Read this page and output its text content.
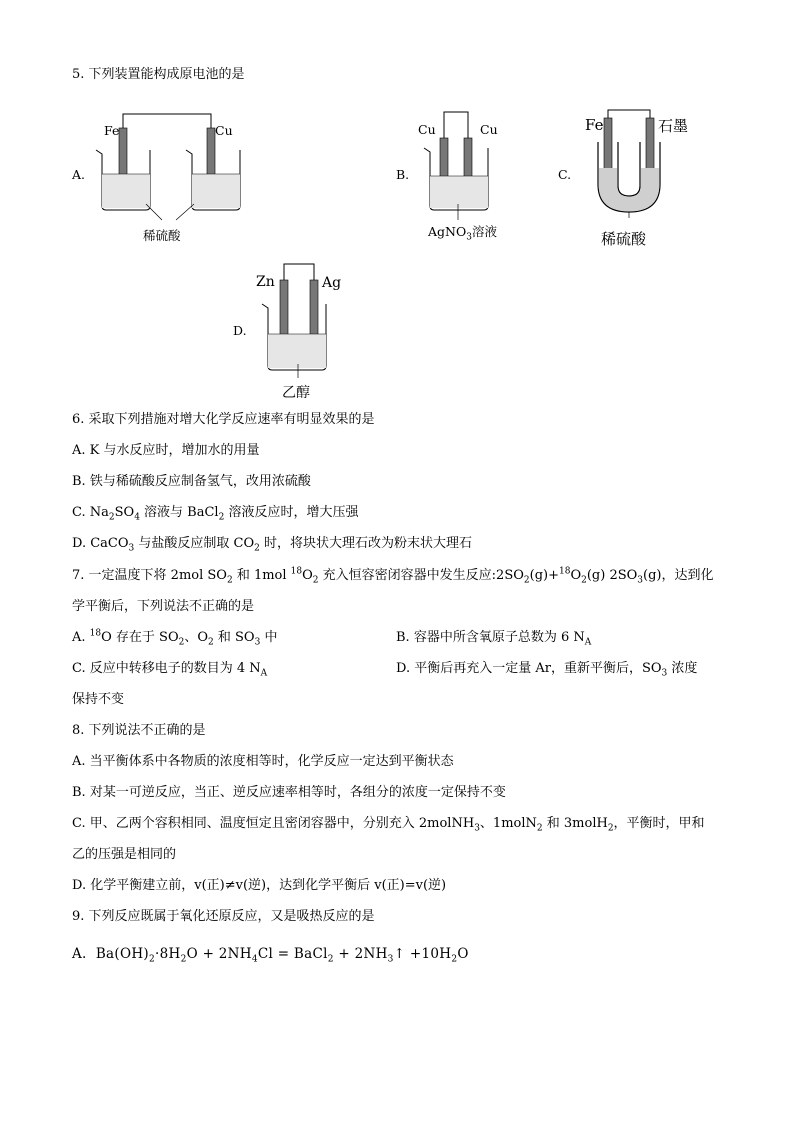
5. 下列装置能构成原电池的是
A.
Fe	Cu
稀硫酸
B.
Cu	Cu
AgNO$_3$溶液
C.
Fe	石墨
稀硫酸
D.
Zn	Ag
乙醇
6. 采取下列措施对增大化学反应速率有明显效果的是
A. K 与水反应时，增加水的用量
B. 铁与稀硫酸反应制备氢气，改用浓硫酸
C. $Na_2SO_4$ 溶液与 BaCl$_2$ 溶液反应时，增大压强
D. CaCO$_3$ 与盐酸反应制取 $CO_2$ 时，将块状大理石改为粉末状大理石
7. 一定温度下将 2mol $SO_2$ 和 1mol $^{18}O_2$ 充入恒容密闭容器中发生反应$:2SO_2(g)+^{18}O_2(g)$ $2SO_3(g)$，达到化
学平衡后，下列说法不正确的是
A. $^{18}$O 存在于 $SO_2$、$O_2$ 和 $SO_3$ 中	B. 容器中所含氧原子总数为 6 $N_A$
C. 反应中转移电子的数目为 4 $N_A$	D. 平衡后再充入一定量 Ar，重新平衡后，$SO_3$ 浓度
保持不变
8. 下列说法不正确的是
A. 当平衡体系中各物质的浓度相等时，化学反应一定达到平衡状态
B. 对某一可逆反应，当正、逆反应速率相等时，各组分的浓度一定保持不变
C. 甲、乙两个容积相同、温度恒定且密闭容器中，分别充入 2molNH$_3$、1molN$_2$ 和 3molH$_2$，平衡时，甲和
乙的压强是相同的
D. 化学平衡建立前，v(正)≠v(逆)，达到化学平衡后 v(正)=v(逆)
9. 下列反应既属于氧化还原反应，又是吸热反应的是
A. $Ba(OH)_2\cdot 8H_2O + 2NH_4Cl$ = BaCl$_2$ + $2NH_3↑ +10H_2O$
